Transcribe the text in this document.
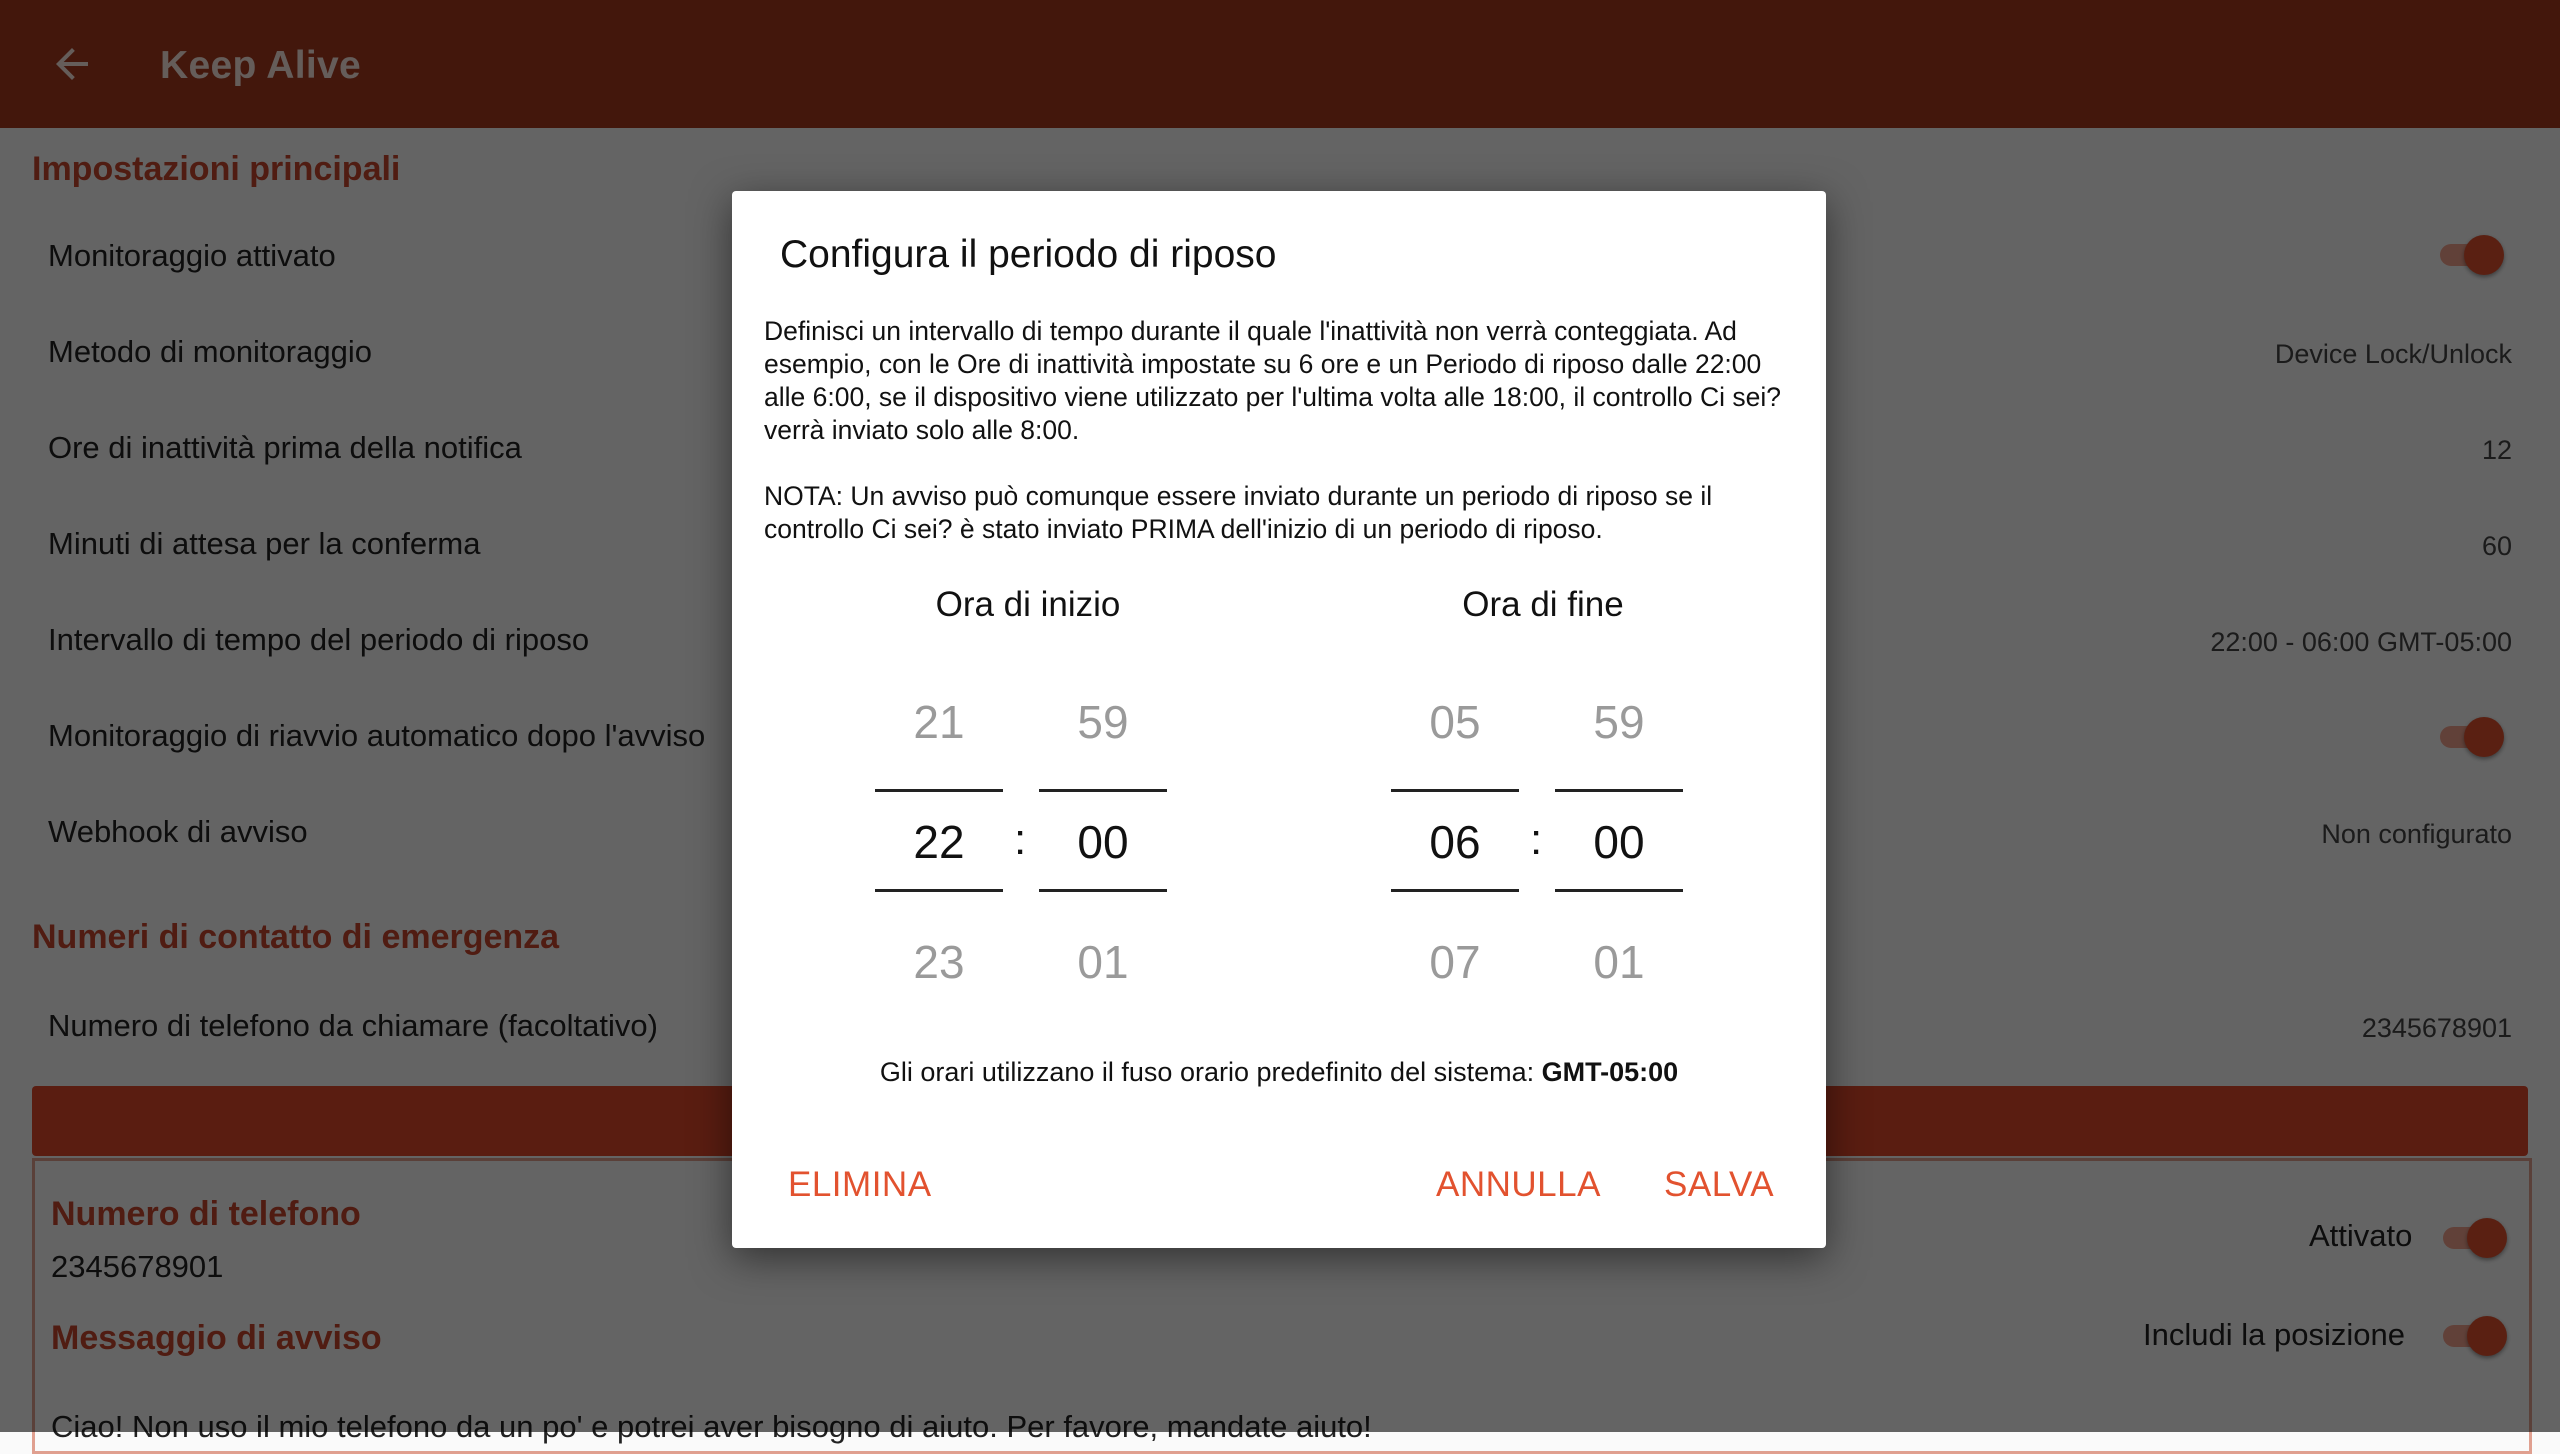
Configura il periodo di riposo
Definisci un intervallo di tempo durante il quale l'inattività non verrà conteggiata. Ad esempio, con le Ore di inattività impostate su 6 ore e un Periodo di riposo dalle 22:00 alle 6:00, se il dispositivo viene utilizzato per l'ultima volta alle 18:00, il controllo Ci sei? verrà inviato solo alle 8:00.
NOTA: Un avviso può comunque essere inviato durante un periodo di riposo se il controllo Ci sei? è stato inviato PRIMA dell'inizio di un periodo di riposo.
Ora di inizio
21
22
23
:
59
00
01
Ora di fine
05
06
07
:
59
00
01
Gli orari utilizzano il fuso orario predefinito del sistema: GMT-05:00
ELIMINA	ANNULLA SALVA
